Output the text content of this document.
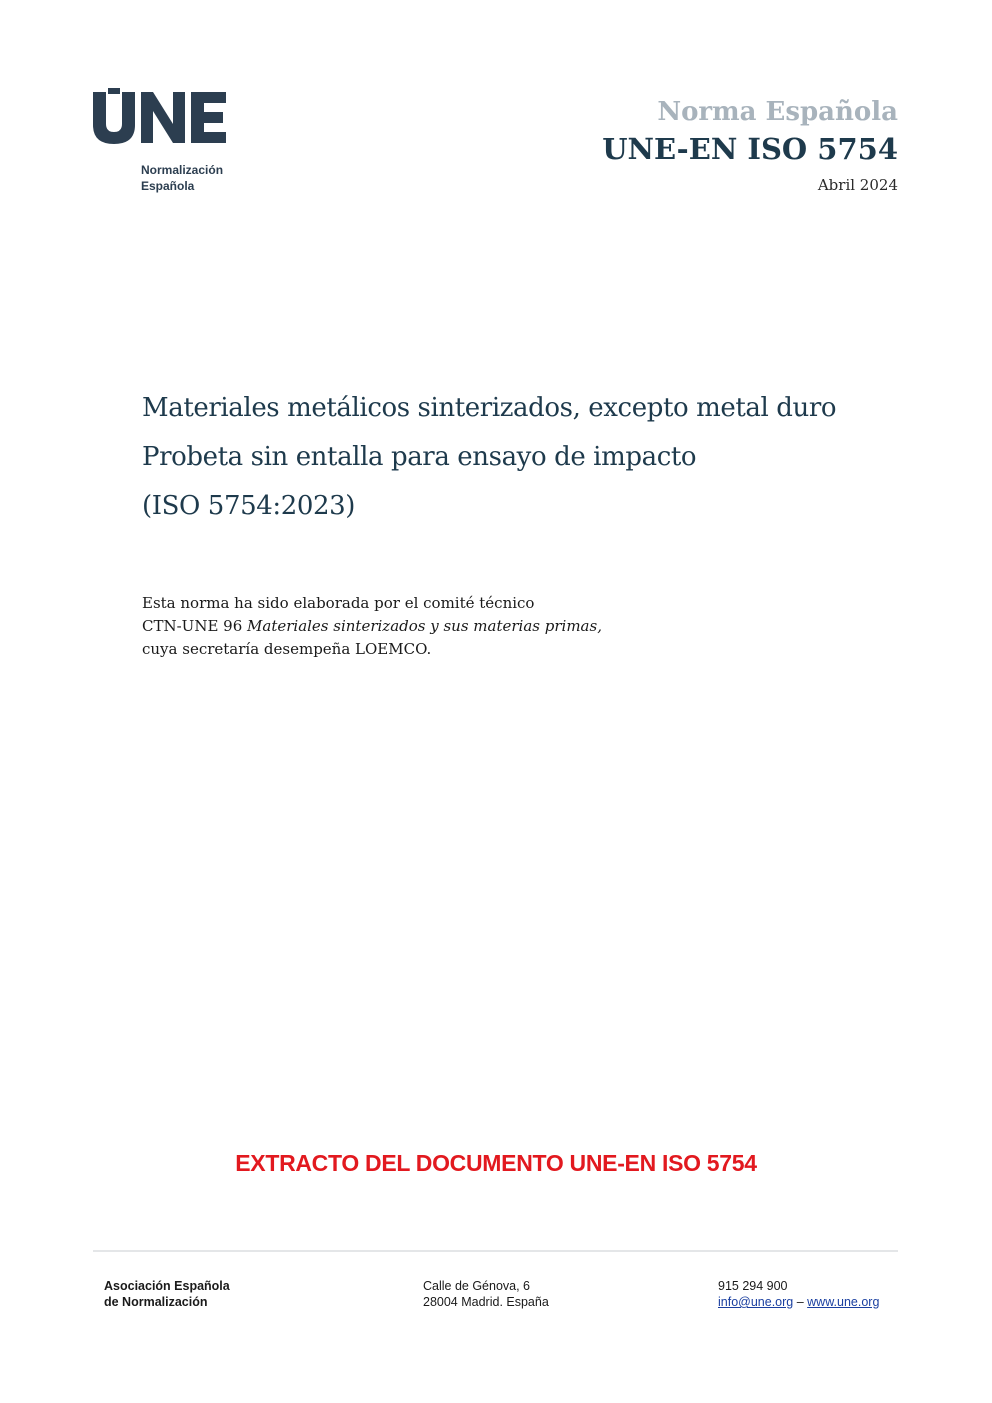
Normalización
Española
Norma Española
UNE-EN ISO 5754
Abril 2024
Materiales metálicos sinterizados, excepto metal duro
Probeta sin entalla para ensayo de impacto
(ISO 5754:2023)
Esta norma ha sido elaborada por el comité técnico
CTN-UNE 96 Materiales sinterizados y sus materias primas,
cuya secretaría desempeña LOEMCO.
EXTRACTO DEL DOCUMENTO UNE-EN ISO 5754
Asociación Española
de Normalización
Calle de Génova, 6
28004 Madrid. España
915 294 900
info@une.org – www.une.org
